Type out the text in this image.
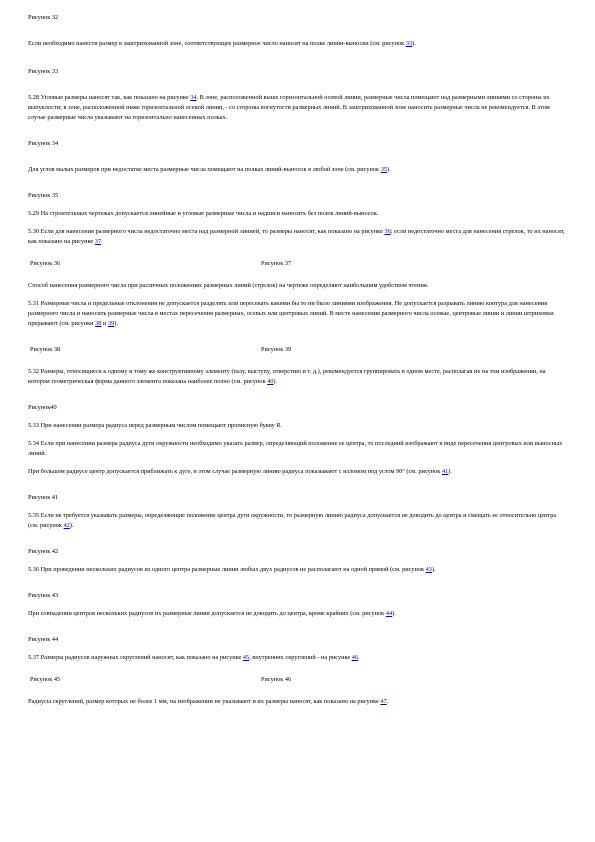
Рисунок 32

Если необходимо нанести размер в заштрихованной зоне, соответствующее размерное число наносят на полке линии-выноски (см. рисунок 33).

Рисунок 33

5.28 Угловые размеры наносят так, как показано на рисунке 34. В зоне, расположенной выше горизонтальной осевой линии, размерные числа помещают над размерными линиями со стороны их выпуклости; в зоне, расположенной ниже горизонтальной осевой линии, - со стороны вогнутости размерных линий. В заштрихованной зоне наносить размерные числа не рекомендуется. В этом случае размерные числа указывают на горизонтально нанесенных полках.

Рисунок 34

Для углов малых размеров при недостатке места размерные числа помещают на полках линий-выносок в любой зоне (см. рисунок 35).

Рисунок 35

5.29 На строительных чертежах допускается линейные и угловые размерные числа и надписи наносить без полок линий-выносок.

5.30 Если для нанесения размерного числа недостаточно места над размерной линией, то размеры наносят, как показано на рисунке 36; если недостаточно места для нанесения стрелок, то их наносят, как показано на рисунке 37.

Рисунок 36	Рисунок 37

Способ нанесения размерного числа при различных положениях размерных линий (стрелок) на чертеже определяют наибольшим удобством чтения.

5.31 Размерные числа и предельные отклонения не допускается разделять или пересекать какими бы то ни было линиями изображения. Не допускается разрывать линию контура для нанесения размерного числа и наносить размерные числа в местах пересечения размерных, осевых или центровых линий. В месте нанесения размерного числа осевые, центровые линии и линии штриховки прерывают (см. рисунки 38 и 39).

Рисунок 38	Рисунок 39

5.32 Размеры, относящиеся к одному и тому же конструктивному элементу (пазу, выступу, отверстию и т. д.), рекомендуется группировать в одном месте, располагая их на том изображении, на котором геометрическая форма данного элемента показана наиболее полно (см. рисунок 40).

Рисунок40

5.33 При нанесении размера радиуса перед размерным числом помещают прописную букву R.

5.34 Если при нанесении размера радиуса дуги окружности необходимо указать размер, определяющий положение ее центра, то последний изображают в виде пересечения центровых или выносных линий.

При большом радиусе центр допускается приближать к дуге, в этом случае размерную линию радиуса показывают с изломом под углом 90° (см. рисунок 41).

Рисунок 41

5.35 Если не требуется указывать размеры, определяющие положение центра дуги окружности, то размерную линию радиуса допускается не доводить до центра и смещать ее относительно центра (см. рисунок 42).

Рисунок 42

5.36 При проведении нескольких радиусов из одного центра размерные линии любых двух радиусов не располагают на одной прямой (см. рисунок 43).

Рисунок 43

При совпадении центров нескольких радиусов их размерные линии допускается не доводить до центра, кроме крайних (см. рисунок 44).

Рисунок 44

5.37 Размеры радиусов наружных скруглений наносят, как показано на рисунке 45, внутренних скруглений - на рисунке 46.

Рисунок 45	Рисунок 46

Радиусы скруглений, размер которых не более 1 мм, на изображении не указывают и их размеры наносят, как показано на рисунке 47.
